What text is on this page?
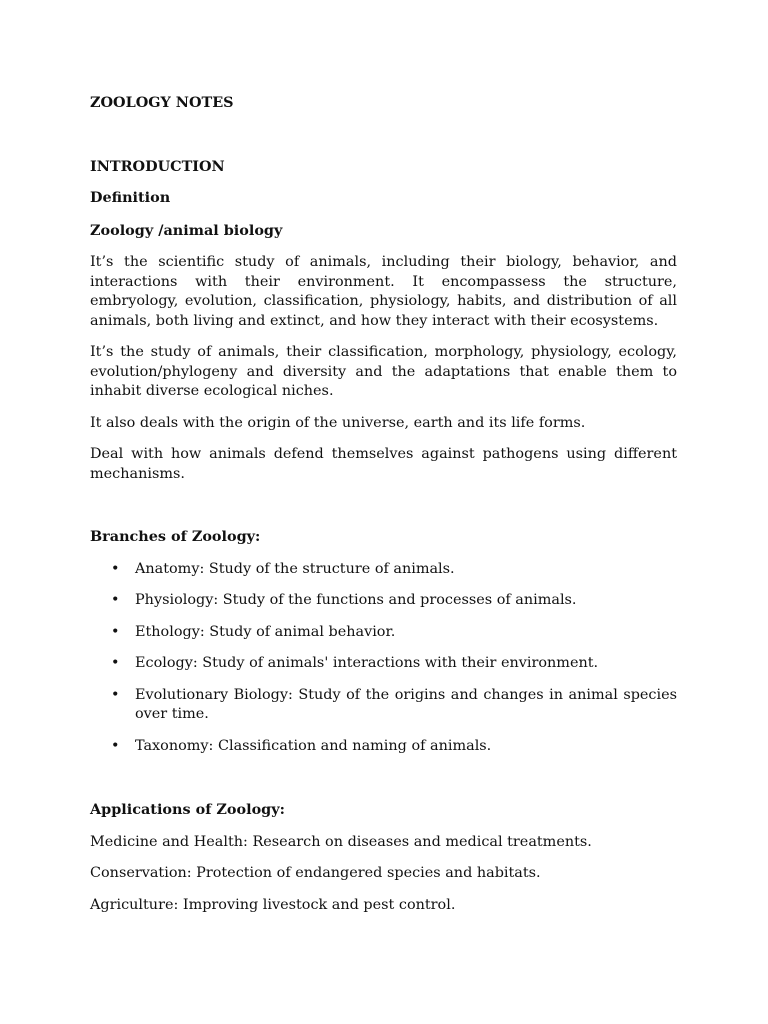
ZOOLOGY NOTES
INTRODUCTION
Definition
Zoology /animal biology

It’s the scientific study of animals, including their biology, behavior, and interactions with their environment. It encompassess the structure, embryology, evolution, classification, physiology, habits, and distribution of all animals, both living and extinct, and how they interact with their ecosystems.

It’s the study of animals, their classification, morphology, physiology, ecology, evolution/phylogeny and diversity and the adaptations that enable them to inhabit diverse ecological niches.

It also deals with the origin of the universe, earth and its life forms.

Deal with how animals defend themselves against pathogens using different mechanisms.

Branches of Zoology:
• Anatomy: Study of the structure of animals.
• Physiology: Study of the functions and processes of animals.
• Ethology: Study of animal behavior.
• Ecology: Study of animals' interactions with their environment.
• Evolutionary Biology: Study of the origins and changes in animal species over time.
• Taxonomy: Classification and naming of animals.
Applications of Zoology:

Medicine and Health: Research on diseases and medical treatments.

Conservation: Protection of endangered species and habitats.

Agriculture: Improving livestock and pest control.
